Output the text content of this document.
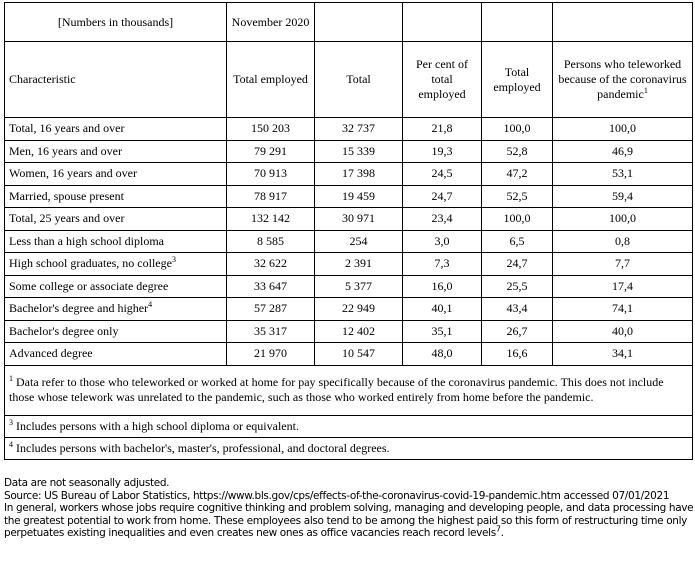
[Numbers in thousands]	November 2020				
Characteristic	Total employed	Total	Per cent of total employed	Total employed	Persons who teleworked because of the coronavirus pandemic$^1$
Total, 16 years and over	150 203	32 737	21,8	100,0	100,0
Men, 16 years and over	79 291	15 339	19,3	52,8	46,9
Women, 16 years and over	70 913	17 398	24,5	47,2	53,1
Married, spouse present	78 917	19 459	24,7	52,5	59,4
Total, 25 years and over	132 142	30 971	23,4	100,0	100,0
Less than a high school diploma	8 585	254	3,0	6,5	0,8
High school graduates, no college$^3$	32 622	2 391	7,3	24,7	7,7
Some college or associate degree	33 647	5 377	16,0	25,5	17,4
Bachelor's degree and higher$^4$	57 287	22 949	40,1	43,4	74,1
Bachelor's degree only	35 317	12 402	35,1	26,7	40,0
Advanced degree	21 970	10 547	48,0	16,6	34,1
$^1$ Data refer to those who teleworked or worked at home for pay specifically because of the coronavirus pandemic. This does not include those whose telework was unrelated to the pandemic, such as those who worked entirely from home before the pandemic.					
$^3$ Includes persons with a high school diploma or equivalent.					
$^4$ Includes persons with bachelor's, master's, professional, and doctoral degrees.					
Data are not seasonally adjusted.
Source: US Bureau of Labor Statistics, https://www.bls.gov/cps/effects-of-the-coronavirus-covid-19-pandemic.htm accessed 07/01/2021
In general, workers whose jobs require cognitive thinking and problem solving, managing and developing people, and data processing have the greatest potential to work from home. These employees also tend to be among the highest paid so this form of restructuring time only perpetuates existing inequalities and even creates new ones as office vacancies reach record levels$^7$.
